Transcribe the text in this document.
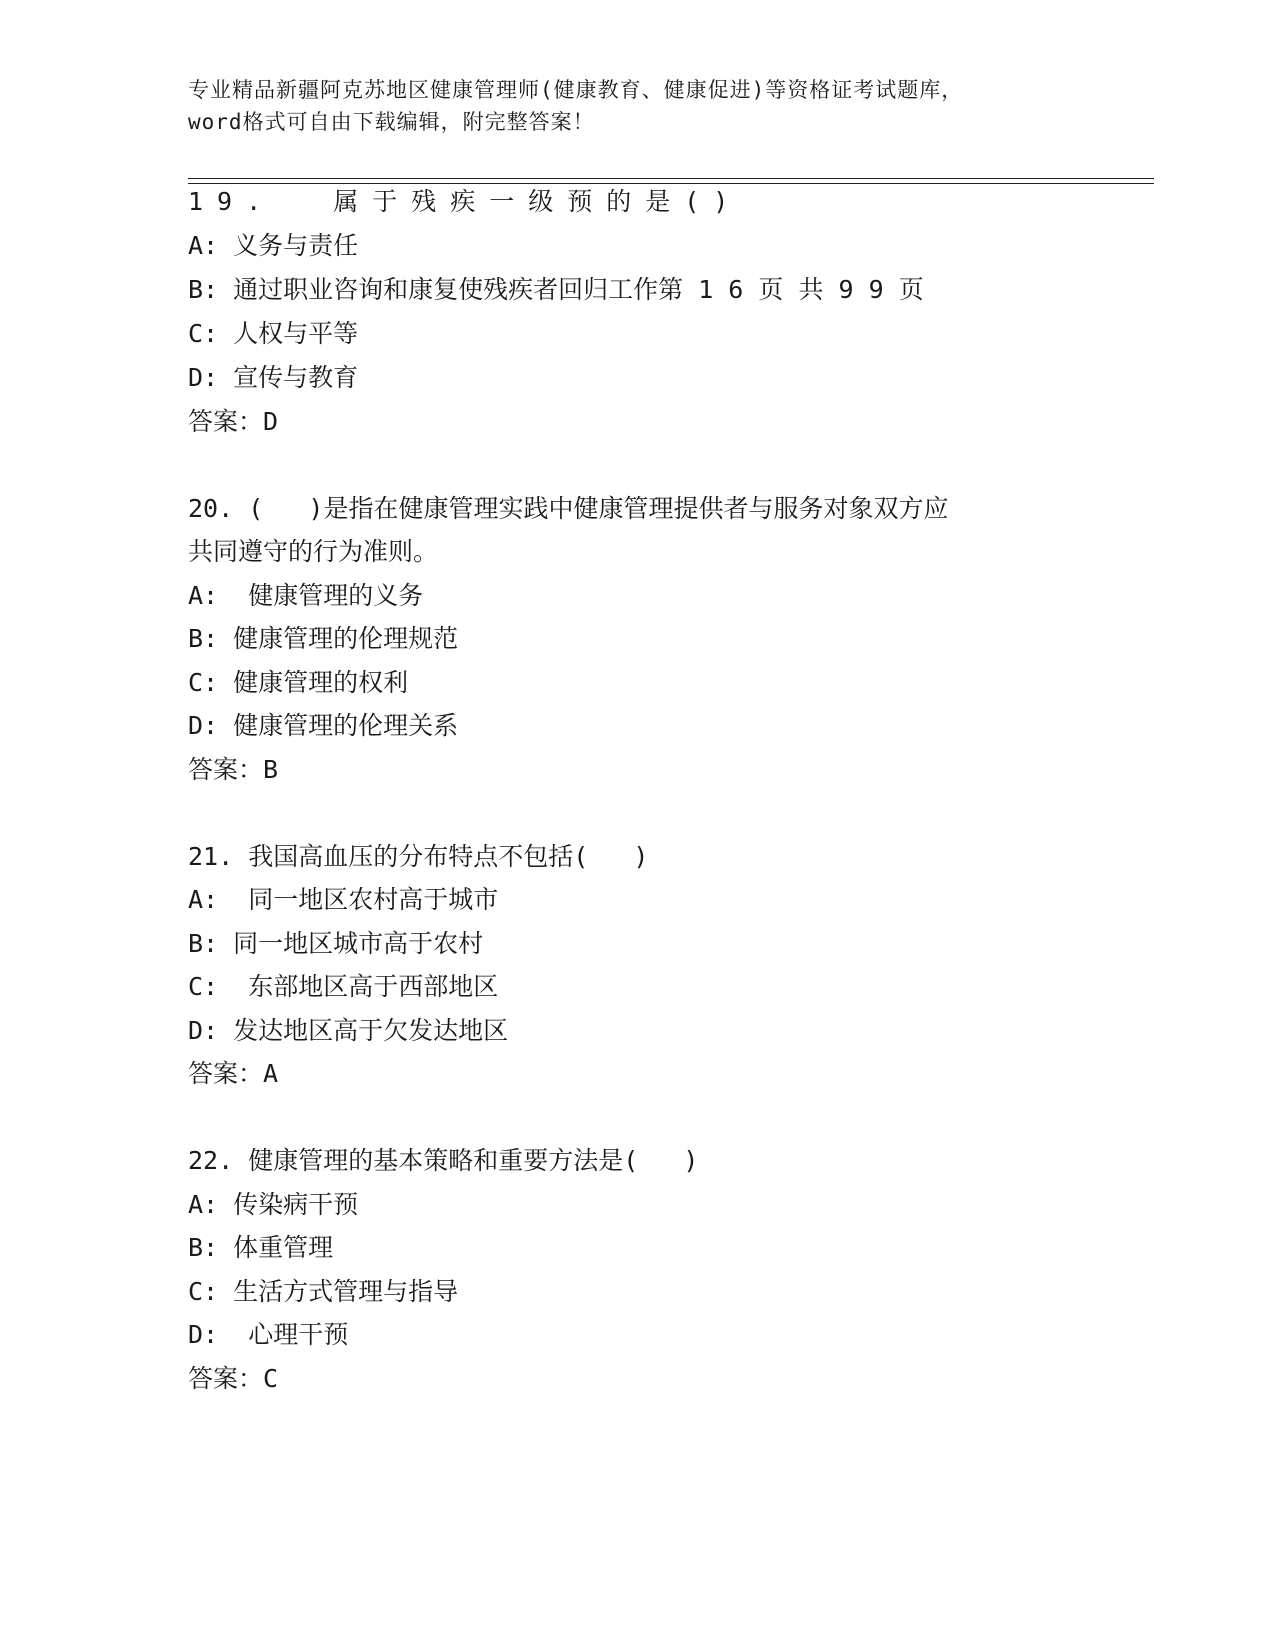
专业精品新疆阿克苏地区健康管理师(健康教育、健康促进)等资格证考试题库，
word格式可自由下载编辑，附完整答案！
19.  属于残疾一级预的是()
A: 义务与责任
B: 通过职业咨询和康复使残疾者回归工作第 1 6 页 共 9 9 页
C: 人权与平等
D: 宣传与教育
答案：D
20. (   )是指在健康管理实践中健康管理提供者与服务对象双方应
共同遵守的行为准则。
A:  健康管理的义务
B: 健康管理的伦理规范
C: 健康管理的权利
D: 健康管理的伦理关系
答案：B
21. 我国高血压的分布特点不包括(   )
A:  同一地区农村高于城市
B: 同一地区城市高于农村
C:  东部地区高于西部地区
D: 发达地区高于欠发达地区
答案：A
22. 健康管理的基本策略和重要方法是(   )
A: 传染病干预
B: 体重管理
C: 生活方式管理与指导
D:  心理干预
答案：C
